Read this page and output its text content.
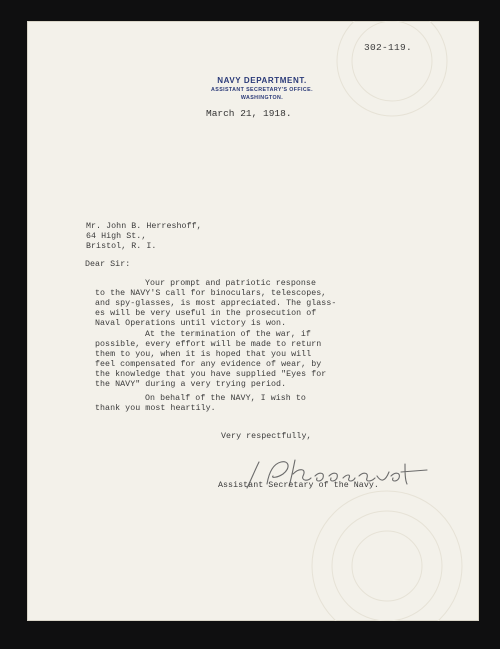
302-119.
NAVY DEPARTMENT.
ASSISTANT SECRETARY'S OFFICE.
WASHINGTON.
March 21, 1918.
Mr. John B. Herreshoff,
64 High St.,
Bristol, R. I.
Dear Sir:
Your prompt and patriotic response
to the NAVY'S call for binoculars, telescopes,
and spy-glasses, is most appreciated. The glass-
es will be very useful in the prosecution of
Naval Operations until victory is won.
At the termination of the war, if
possible, every effort will be made to return
them to you, when it is hoped that you will
feel compensated for any evidence of wear, by
the knowledge that you have supplied "Eyes for
the NAVY" during a very trying period.
On behalf of the NAVY, I wish to
thank you most heartily.
Very respectfully,
Assistant Secretary of the Navy.
